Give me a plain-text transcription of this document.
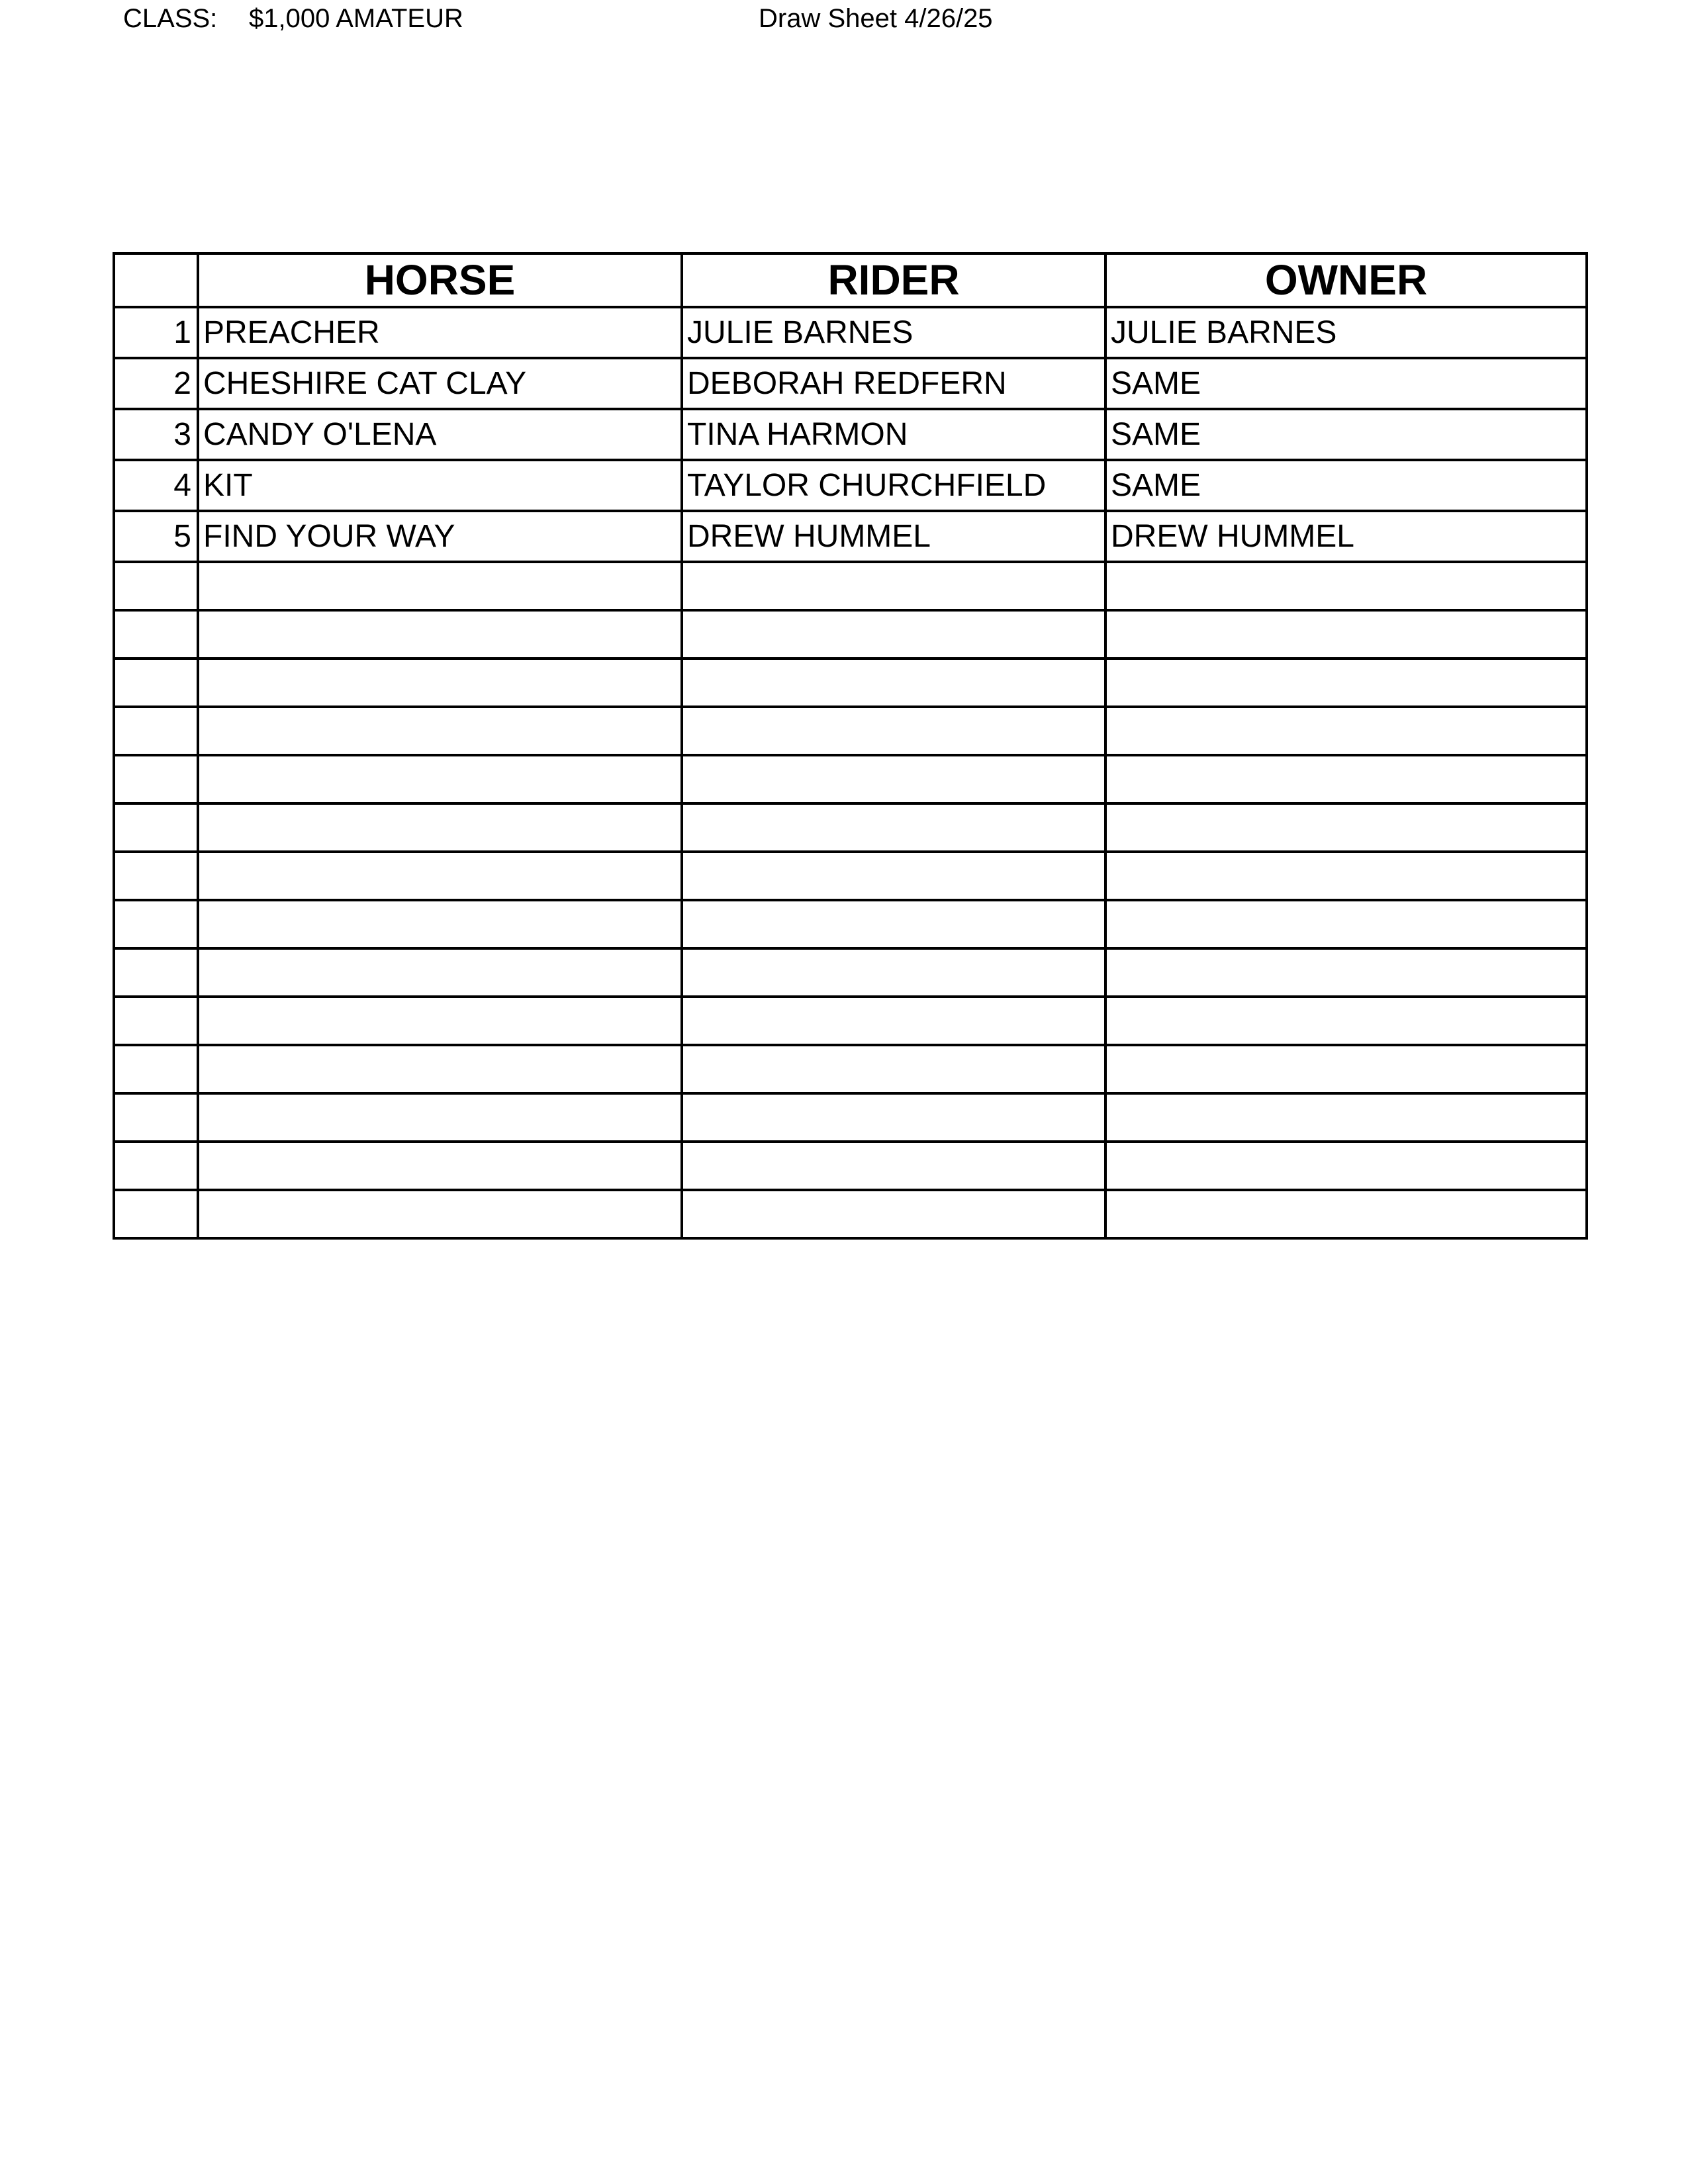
CLASS: $1,000 AMATEUR	Draw Sheet 4/26/25
	HORSE	RIDER	OWNER
1	PREACHER	JULIE BARNES	JULIE BARNES
2	CHESHIRE CAT CLAY	DEBORAH REDFERN	SAME
3	CANDY O'LENA	TINA HARMON	SAME
4	KIT	TAYLOR CHURCHFIELD	SAME
5	FIND YOUR WAY	DREW HUMMEL	DREW HUMMEL
